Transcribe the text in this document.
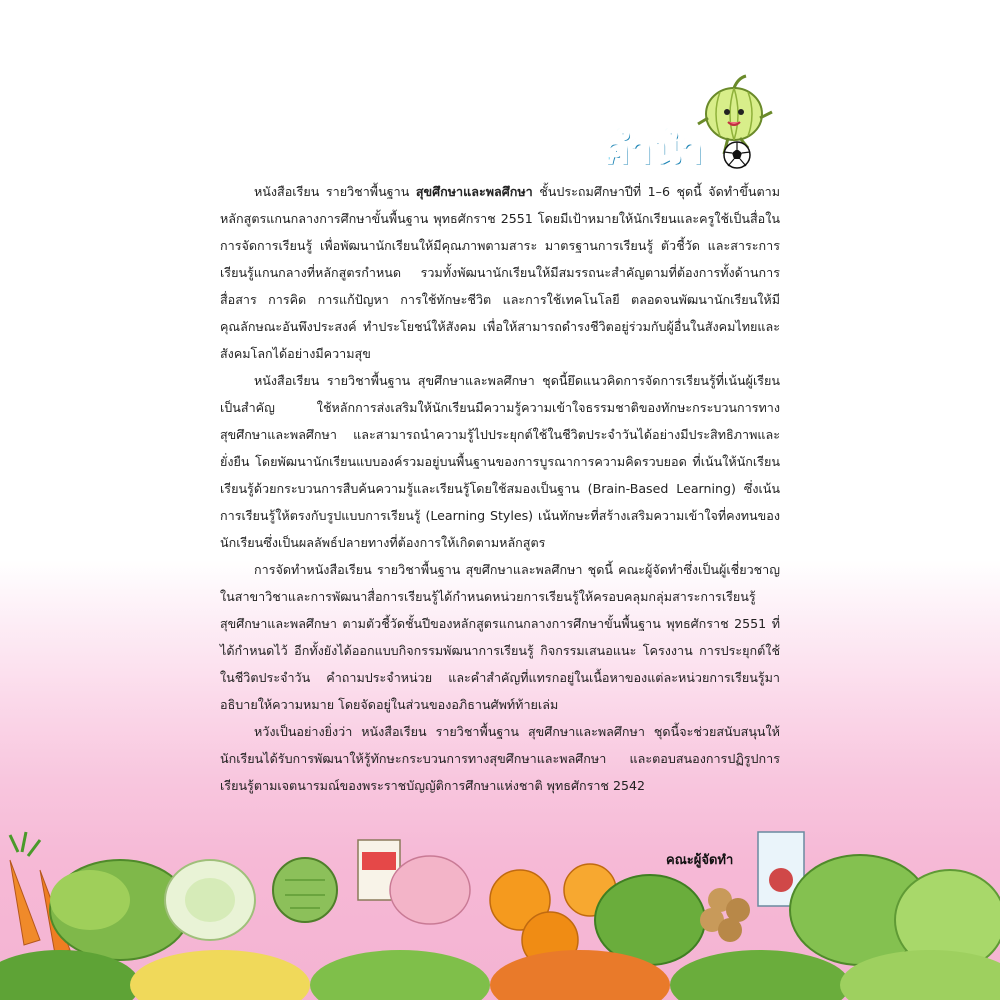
คำนำ

หนังสือเรียน รายวิชาพื้นฐาน สุขศึกษาและพลศึกษา ชั้นประถมศึกษาปีที่ 1–6 ชุดนี้ จัดทำขึ้นตามหลักสูตรแกนกลางการศึกษาขั้นพื้นฐาน พุทธศักราช 2551 โดยมีเป้าหมายให้นักเรียนและครูใช้เป็นสื่อในการจัดการเรียนรู้ เพื่อพัฒนานักเรียนให้มีคุณภาพตามสาระ มาตรฐานการเรียนรู้ ตัวชี้วัด และสาระการเรียนรู้แกนกลางที่หลักสูตรกำหนด รวมทั้งพัฒนานักเรียนให้มีสมรรถนะสำคัญตามที่ต้องการทั้งด้านการสื่อสาร การคิด การแก้ปัญหา การใช้ทักษะชีวิต และการใช้เทคโนโลยี ตลอดจนพัฒนานักเรียนให้มีคุณลักษณะอันพึงประสงค์ ทำประโยชน์ให้สังคม เพื่อให้สามารถดำรงชีวิตอยู่ร่วมกับผู้อื่นในสังคมไทยและสังคมโลกได้อย่างมีความสุข

หนังสือเรียน รายวิชาพื้นฐาน สุขศึกษาและพลศึกษา ชุดนี้ยึดแนวคิดการจัดการเรียนรู้ที่เน้นผู้เรียนเป็นสำคัญ ใช้หลักการส่งเสริมให้นักเรียนมีความรู้ความเข้าใจธรรมชาติของทักษะกระบวนการทางสุขศึกษาและพลศึกษา และสามารถนำความรู้ไปประยุกต์ใช้ในชีวิตประจำวันได้อย่างมีประสิทธิภาพและยั่งยืน โดยพัฒนานักเรียนแบบองค์รวมอยู่บนพื้นฐานของการบูรณาการความคิดรวบยอด ที่เน้นให้นักเรียนเรียนรู้ด้วยกระบวนการสืบค้นความรู้และเรียนรู้โดยใช้สมองเป็นฐาน (Brain-Based Learning) ซึ่งเน้นการเรียนรู้ให้ตรงกับรูปแบบการเรียนรู้ (Learning Styles) เน้นทักษะที่สร้างเสริมความเข้าใจที่คงทนของนักเรียนซึ่งเป็นผลลัพธ์ปลายทางที่ต้องการให้เกิดตามหลักสูตร

การจัดทำหนังสือเรียน รายวิชาพื้นฐาน สุขศึกษาและพลศึกษา ชุดนี้ คณะผู้จัดทำซึ่งเป็นผู้เชี่ยวชาญในสาขาวิชาและการพัฒนาสื่อการเรียนรู้ได้กำหนดหน่วยการเรียนรู้ให้ครอบคลุมกลุ่มสาระการเรียนรู้สุขศึกษาและพลศึกษา ตามตัวชี้วัดชั้นปีของหลักสูตรแกนกลางการศึกษาขั้นพื้นฐาน พุทธศักราช 2551 ที่ได้กำหนดไว้ อีกทั้งยังได้ออกแบบกิจกรรมพัฒนาการเรียนรู้ กิจกรรมเสนอแนะ โครงงาน การประยุกต์ใช้ในชีวิตประจำวัน คำถามประจำหน่วย และคำสำคัญที่แทรกอยู่ในเนื้อหาของแต่ละหน่วยการเรียนรู้มาอธิบายให้ความหมาย โดยจัดอยู่ในส่วนของอภิธานศัพท์ท้ายเล่ม

หวังเป็นอย่างยิ่งว่า หนังสือเรียน รายวิชาพื้นฐาน สุขศึกษาและพลศึกษา ชุดนี้จะช่วยสนับสนุนให้นักเรียนได้รับการพัฒนาให้รู้ทักษะกระบวนการทางสุขศึกษาและพลศึกษา และตอบสนองการปฏิรูปการเรียนรู้ตามเจตนารมณ์ของพระราชบัญญัติการศึกษาแห่งชาติ พุทธศักราช 2542

คณะผู้จัดทำ
